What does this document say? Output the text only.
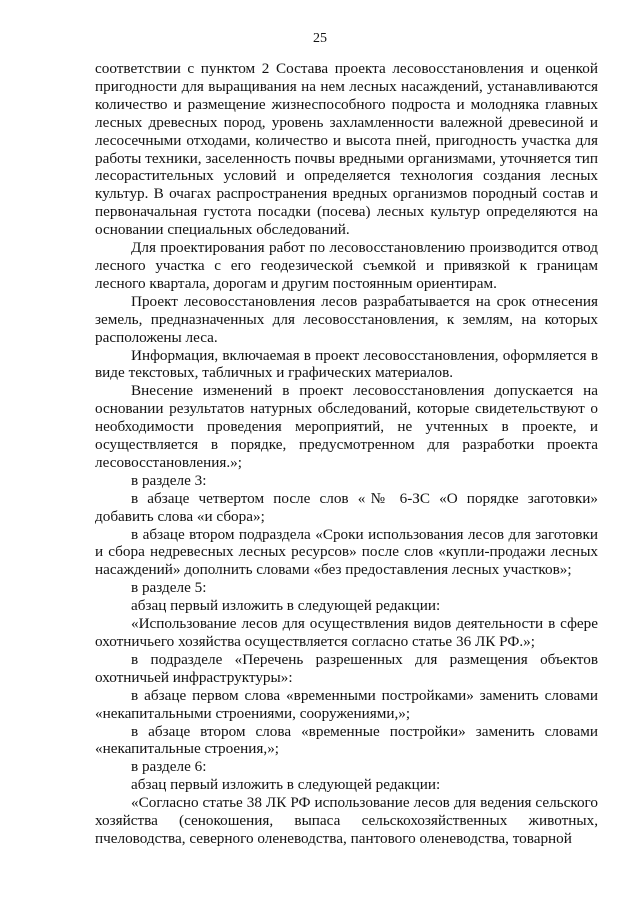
25

соответствии с пунктом 2 Состава проекта лесовосстановления и оценкой пригодности для выращивания на нем лесных насаждений, устанавливаются количество и размещение жизнеспособного подроста и молодняка главных лесных древесных пород, уровень захламленности валежной древесиной и лесосечными отходами, количество и высота пней, пригодность участка для работы техники, заселенность почвы вредными организмами, уточняется тип лесорастительных условий и определяется технология создания лесных культур. В очагах распространения вредных организмов породный состав и первоначальная густота посадки (посева) лесных культур определяются на основании специальных обследований.

Для проектирования работ по лесовосстановлению производится отвод лесного участка с его геодезической съемкой и привязкой к границам лесного квартала, дорогам и другим постоянным ориентирам.

Проект лесовосстановления лесов разрабатывается на срок отнесения земель, предназначенных для лесовосстановления, к землям, на которых расположены леса.

Информация, включаемая в проект лесовосстановления, оформляется в виде текстовых, табличных и графических материалов.

Внесение изменений в проект лесовосстановления допускается на основании результатов натурных обследований, которые свидетельствуют о необходимости проведения мероприятий, не учтенных в проекте, и осуществляется в порядке, предусмотренном для разработки проекта лесовосстановления.»;

в разделе 3:

в абзаце четвертом после слов «№ 6-ЗС «О порядке заготовки» добавить слова «и сбора»;

в абзаце втором подраздела «Сроки использования лесов для заготовки и сбора недревесных лесных ресурсов» после слов «купли-продажи лесных насаждений» дополнить словами «без предоставления лесных участков»;

в разделе 5:

абзац первый изложить в следующей редакции:

«Использование лесов для осуществления видов деятельности в сфере охотничьего хозяйства осуществляется согласно статье 36 ЛК РФ.»;

в подразделе «Перечень разрешенных для размещения объектов охотничьей инфраструктуры»:

в абзаце первом слова «временными постройками» заменить словами «некапитальными строениями, сооружениями,»;

в абзаце втором слова «временные постройки» заменить словами «некапитальные строения,»;

в разделе 6:

абзац первый изложить в следующей редакции:

«Согласно статье 38 ЛК РФ использование лесов для ведения сельского хозяйства (сенокошения, выпаса сельскохозяйственных животных, пчеловодства, северного оленеводства, пантового оленеводства, товарной
